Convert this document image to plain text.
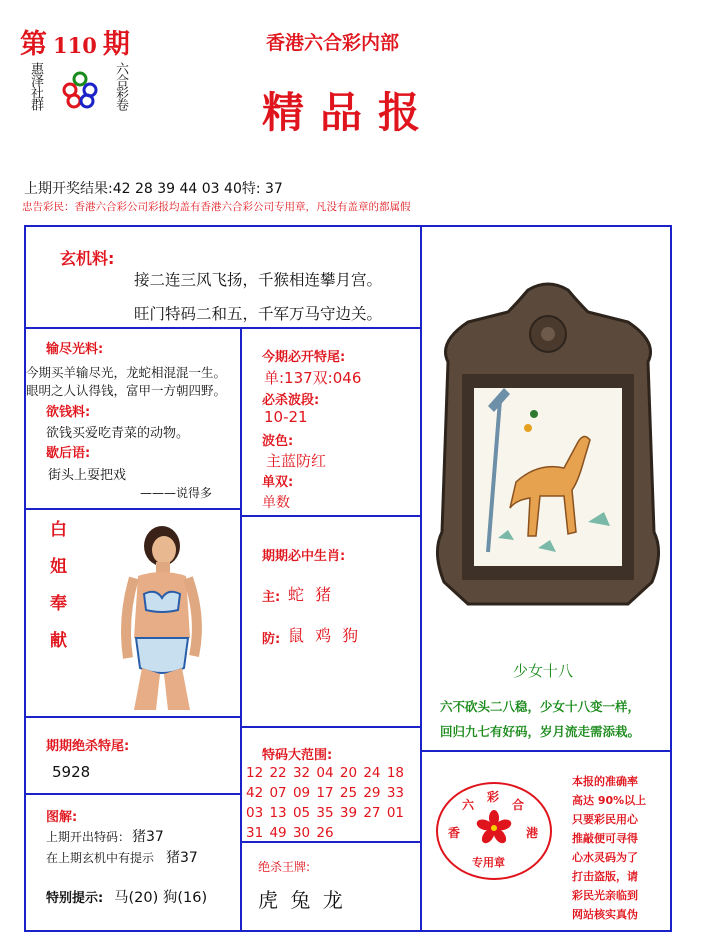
第 110 期
惠泽社群	六合彩卷
香港六合彩内部
精品报
上期开奖结果:42 28 39 44 03 40特: 37
忠告彩民：香港六合彩公司彩报均盖有香港六合彩公司专用章，凡没有盖章的都属假
玄机料:
接二连三风飞扬，千猴相连攀月宫。
旺门特码二和五，千军万马守边关。
输尽光料:
今期买羊输尽光，龙蛇相混混一生。
眼明之人认得钱，富甲一方朝四野。
欲钱料:
欲钱买爱吃青菜的动物。
歇后语:
街头上耍把戏
———说得多
今期必开特尾:
单:137双:046
必杀波段:
10-21
波色:
主蓝防红
单双:
单数
白姐奉献	期期必中生肖:
主: 蛇 猪
防: 鼠 鸡 狗
少女十八
六不砍头二八稳，少女十八变一样，
回归九七有好码，岁月流走需添栽。
期期绝杀特尾:
5928
图解:
上期开出特码： 猪37
在上期玄机中有提示 猪37
特别提示: 马(20) 狗(16)
特码大范围:
12 22 32 04 20 24 18
42 07 09 17 25 29 33
03 13 05 35 39 27 01
31 49 30 26
绝杀王牌:
虎 兔 龙
六
彩
合
香	港
专用章
本报的准确率
高达 90%以上
只要彩民用心
推敲便可寻得
心水灵码为了
打击盗版，请
彩民光亲临到
网站核实真伪
